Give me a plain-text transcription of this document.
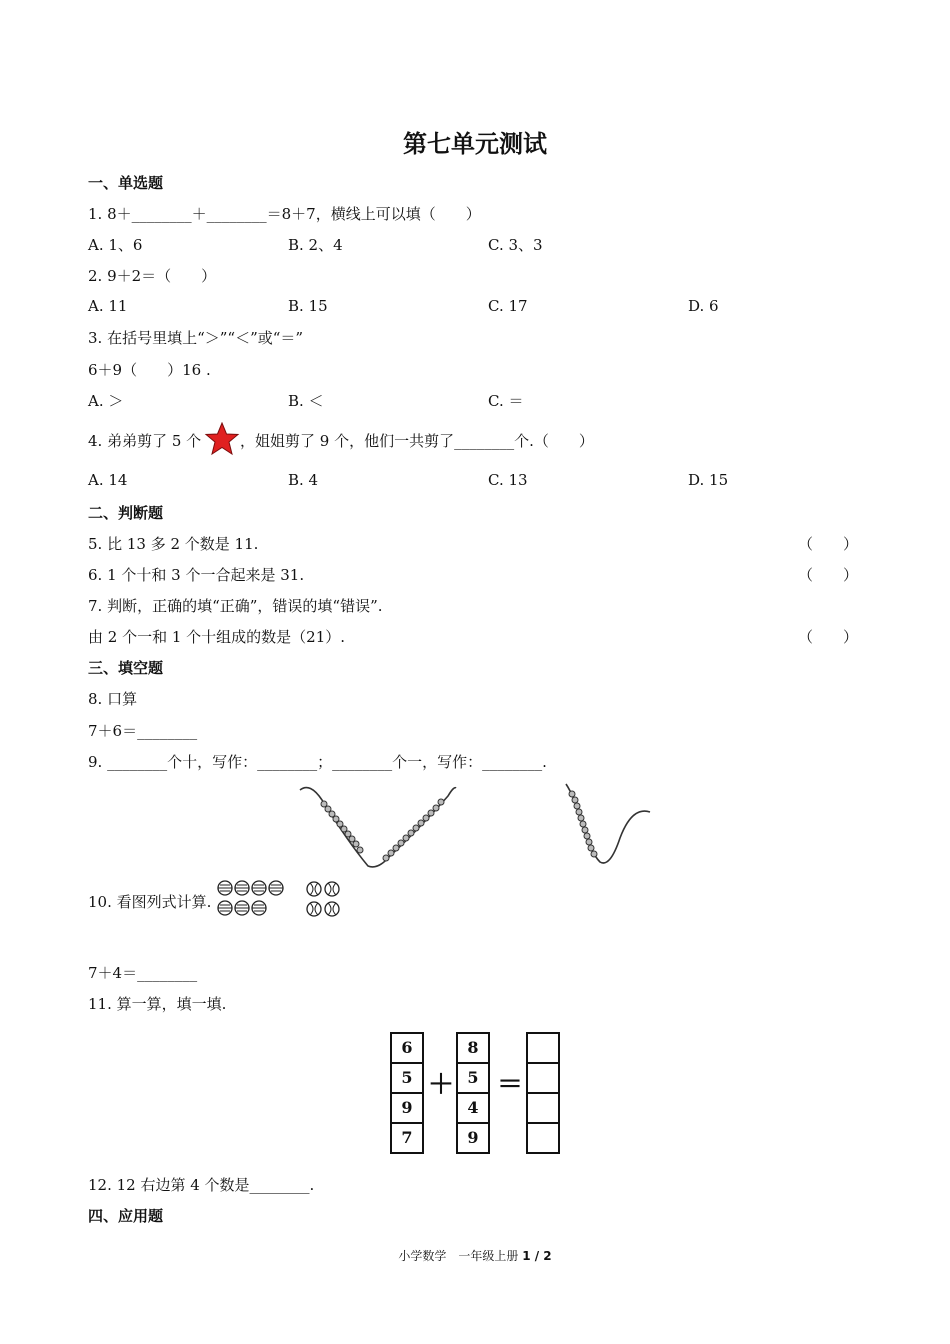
第七单元测试
一、单选题
1. 8＋________＋________＝8＋7，横线上可以填（　　）
A. 1、6	B. 2、4	C. 3、3
2. 9＋2＝（　　）
A. 11	B. 15	C. 17	D. 6
3. 在括号里填上“＞”“＜”或“＝”
6＋9（　　）16 .
A. ＞	B. ＜	C. ＝
4. 弟弟剪了 5 个	，姐姐剪了 9 个，他们一共剪了________个.（　　）
A. 14	B. 4	C. 13	D. 15
二、判断题
5. 比 13 多 2 个数是 11.	（　　）
6. 1 个十和 3 个一合起来是 31.	（　　）
7. 判断，正确的填“正确”，错误的填“错误”.
由 2 个一和 1 个十组成的数是（21）.	（　　）
三、填空题
8. 口算
7＋6＝________
9. ________个十，写作：________；________个一，写作：________.
10. 看图列式计算.
7＋4＝________
11. 算一算，填一填.
6
5
9
7
＋
8
5
4
9
＝
12. 12 右边第 4 个数是________.
四、应用题
小学数学　一年级上册 1 / 2
